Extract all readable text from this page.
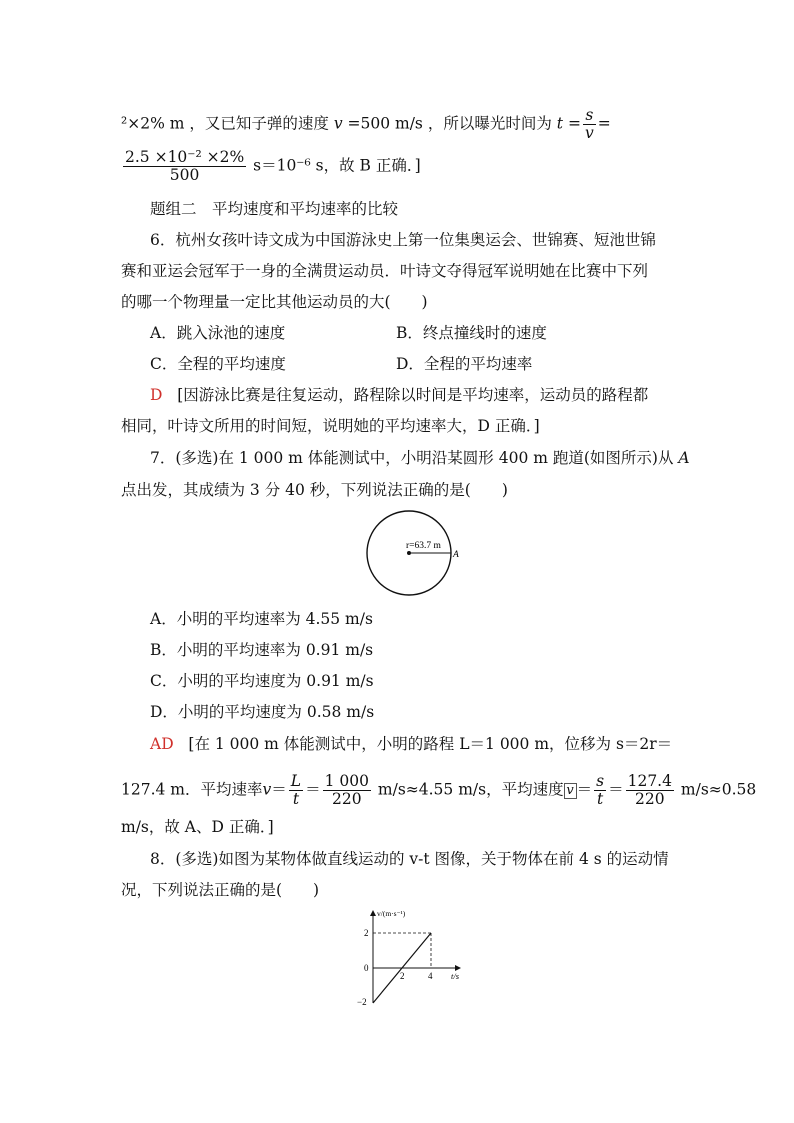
²×2% m ，又已知子弹的速度 v =500 m/s ，所以曝光时间为 $t = \frac{s}{v}$ =
$\frac{\text{2.5 ×10⁻² ×2\%}}{500} s=10^{-6}$ s，故 B 正确．]
题组二　平均速度和平均速率的比较
6．杭州女孩叶诗文成为中国游泳史上第一位集奥运会、世锦赛、短池世锦
赛和亚运会冠军于一身的全满贯运动员．叶诗文夺得冠军说明她在比赛中下列
的哪一个物理量一定比其他运动员的大(　　)
A．跳入泳池的速度	B．终点撞线时的速度
C．全程的平均速度	D．全程的平均速率
D [因游泳比赛是往复运动，路程除以时间是平均速率，运动员的路程都
相同，叶诗文所用的时间短，说明她的平均速率大，D 正确．]
7．(多选)在 1 000 m 体能测试中，小明沿某圆形 400 m 跑道(如图所示)从 A
点出发，其成绩为 3 分 40 秒，下列说法正确的是(　　)
r=63.7 m
A
A．小明的平均速率为 4.55 m/s
B．小明的平均速率为 0.91 m/s
C．小明的平均速度为 0.91 m/s
D．小明的平均速度为 0.58 m/s
AD [在 1 000 m 体能测试中，小明的路程 L＝1 000 m，位移为 s＝2r＝
127.4 m．平均速率$v= \frac{L}{t} = \frac{1 000}{220} m/s\approx 4.55$ m/s，平均速度 $v = \frac{s}{t} = \frac{127.4}{220} m/s\approx 0.58$
m/s，故 A、D 正确．]
8．(多选)如图为某物体做直线运动的 v-t 图像，关于物体在前 4 s 的运动情
况，下列说法正确的是(　　)
v/(m·s⁻¹)
t/s
2
0
−2
2	4
